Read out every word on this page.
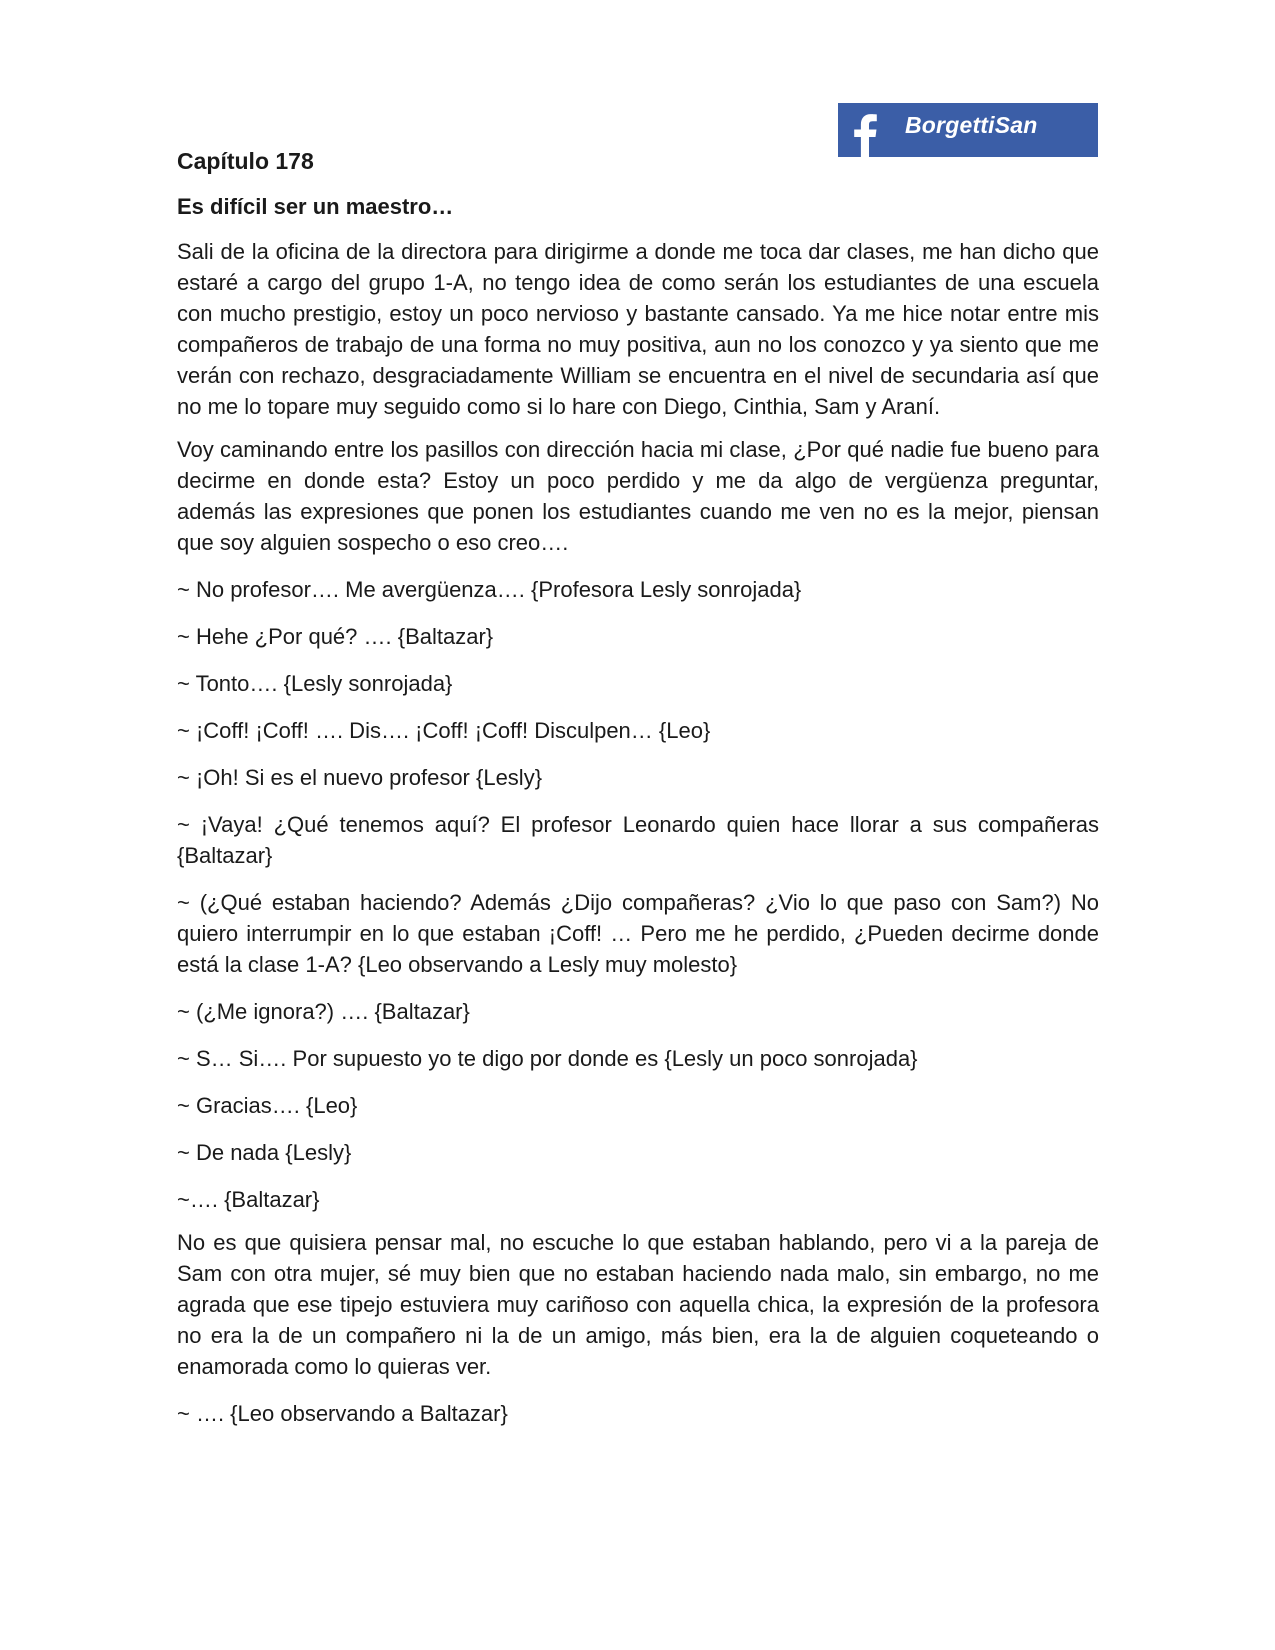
BorgettiSan
Capítulo 178
Es difícil ser un maestro…

Sali de la oficina de la directora para dirigirme a donde me toca dar clases, me han dicho que estaré a cargo del grupo 1-A, no tengo idea de como serán los estudiantes de una escuela con mucho prestigio, estoy un poco nervioso y bastante cansado. Ya me hice notar entre mis compañeros de trabajo de una forma no muy positiva, aun no los conozco y ya siento que me verán con rechazo, desgraciadamente William se encuentra en el nivel de secundaria así que no me lo topare muy seguido como si lo hare con Diego, Cinthia, Sam y Araní.

Voy caminando entre los pasillos con dirección hacia mi clase, ¿Por qué nadie fue bueno para decirme en donde esta? Estoy un poco perdido y me da algo de vergüenza preguntar, además las expresiones que ponen los estudiantes cuando me ven no es la mejor, piensan que soy alguien sospecho o eso creo….

~ No profesor…. Me avergüenza…. {Profesora Lesly sonrojada}

~ Hehe ¿Por qué? …. {Baltazar}

~ Tonto…. {Lesly sonrojada}

~ ¡Coff! ¡Coff! …. Dis…. ¡Coff! ¡Coff! Disculpen… {Leo}

~ ¡Oh! Si es el nuevo profesor {Lesly}

~ ¡Vaya! ¿Qué tenemos aquí? El profesor Leonardo quien hace llorar a sus compañeras {Baltazar}

~ (¿Qué estaban haciendo? Además ¿Dijo compañeras? ¿Vio lo que paso con Sam?) No quiero interrumpir en lo que estaban ¡Coff! … Pero me he perdido, ¿Pueden decirme donde está la clase 1-A? {Leo observando a Lesly muy molesto}

~ (¿Me ignora?) …. {Baltazar}

~ S… Si…. Por supuesto yo te digo por donde es {Lesly un poco sonrojada}

~ Gracias…. {Leo}

~ De nada {Lesly}

~…. {Baltazar}

No es que quisiera pensar mal, no escuche lo que estaban hablando, pero vi a la pareja de Sam con otra mujer, sé muy bien que no estaban haciendo nada malo, sin embargo, no me agrada que ese tipejo estuviera muy cariñoso con aquella chica, la expresión de la profesora no era la de un compañero ni la de un amigo, más bien, era la de alguien coqueteando o enamorada como lo quieras ver.

~ …. {Leo observando a Baltazar}
